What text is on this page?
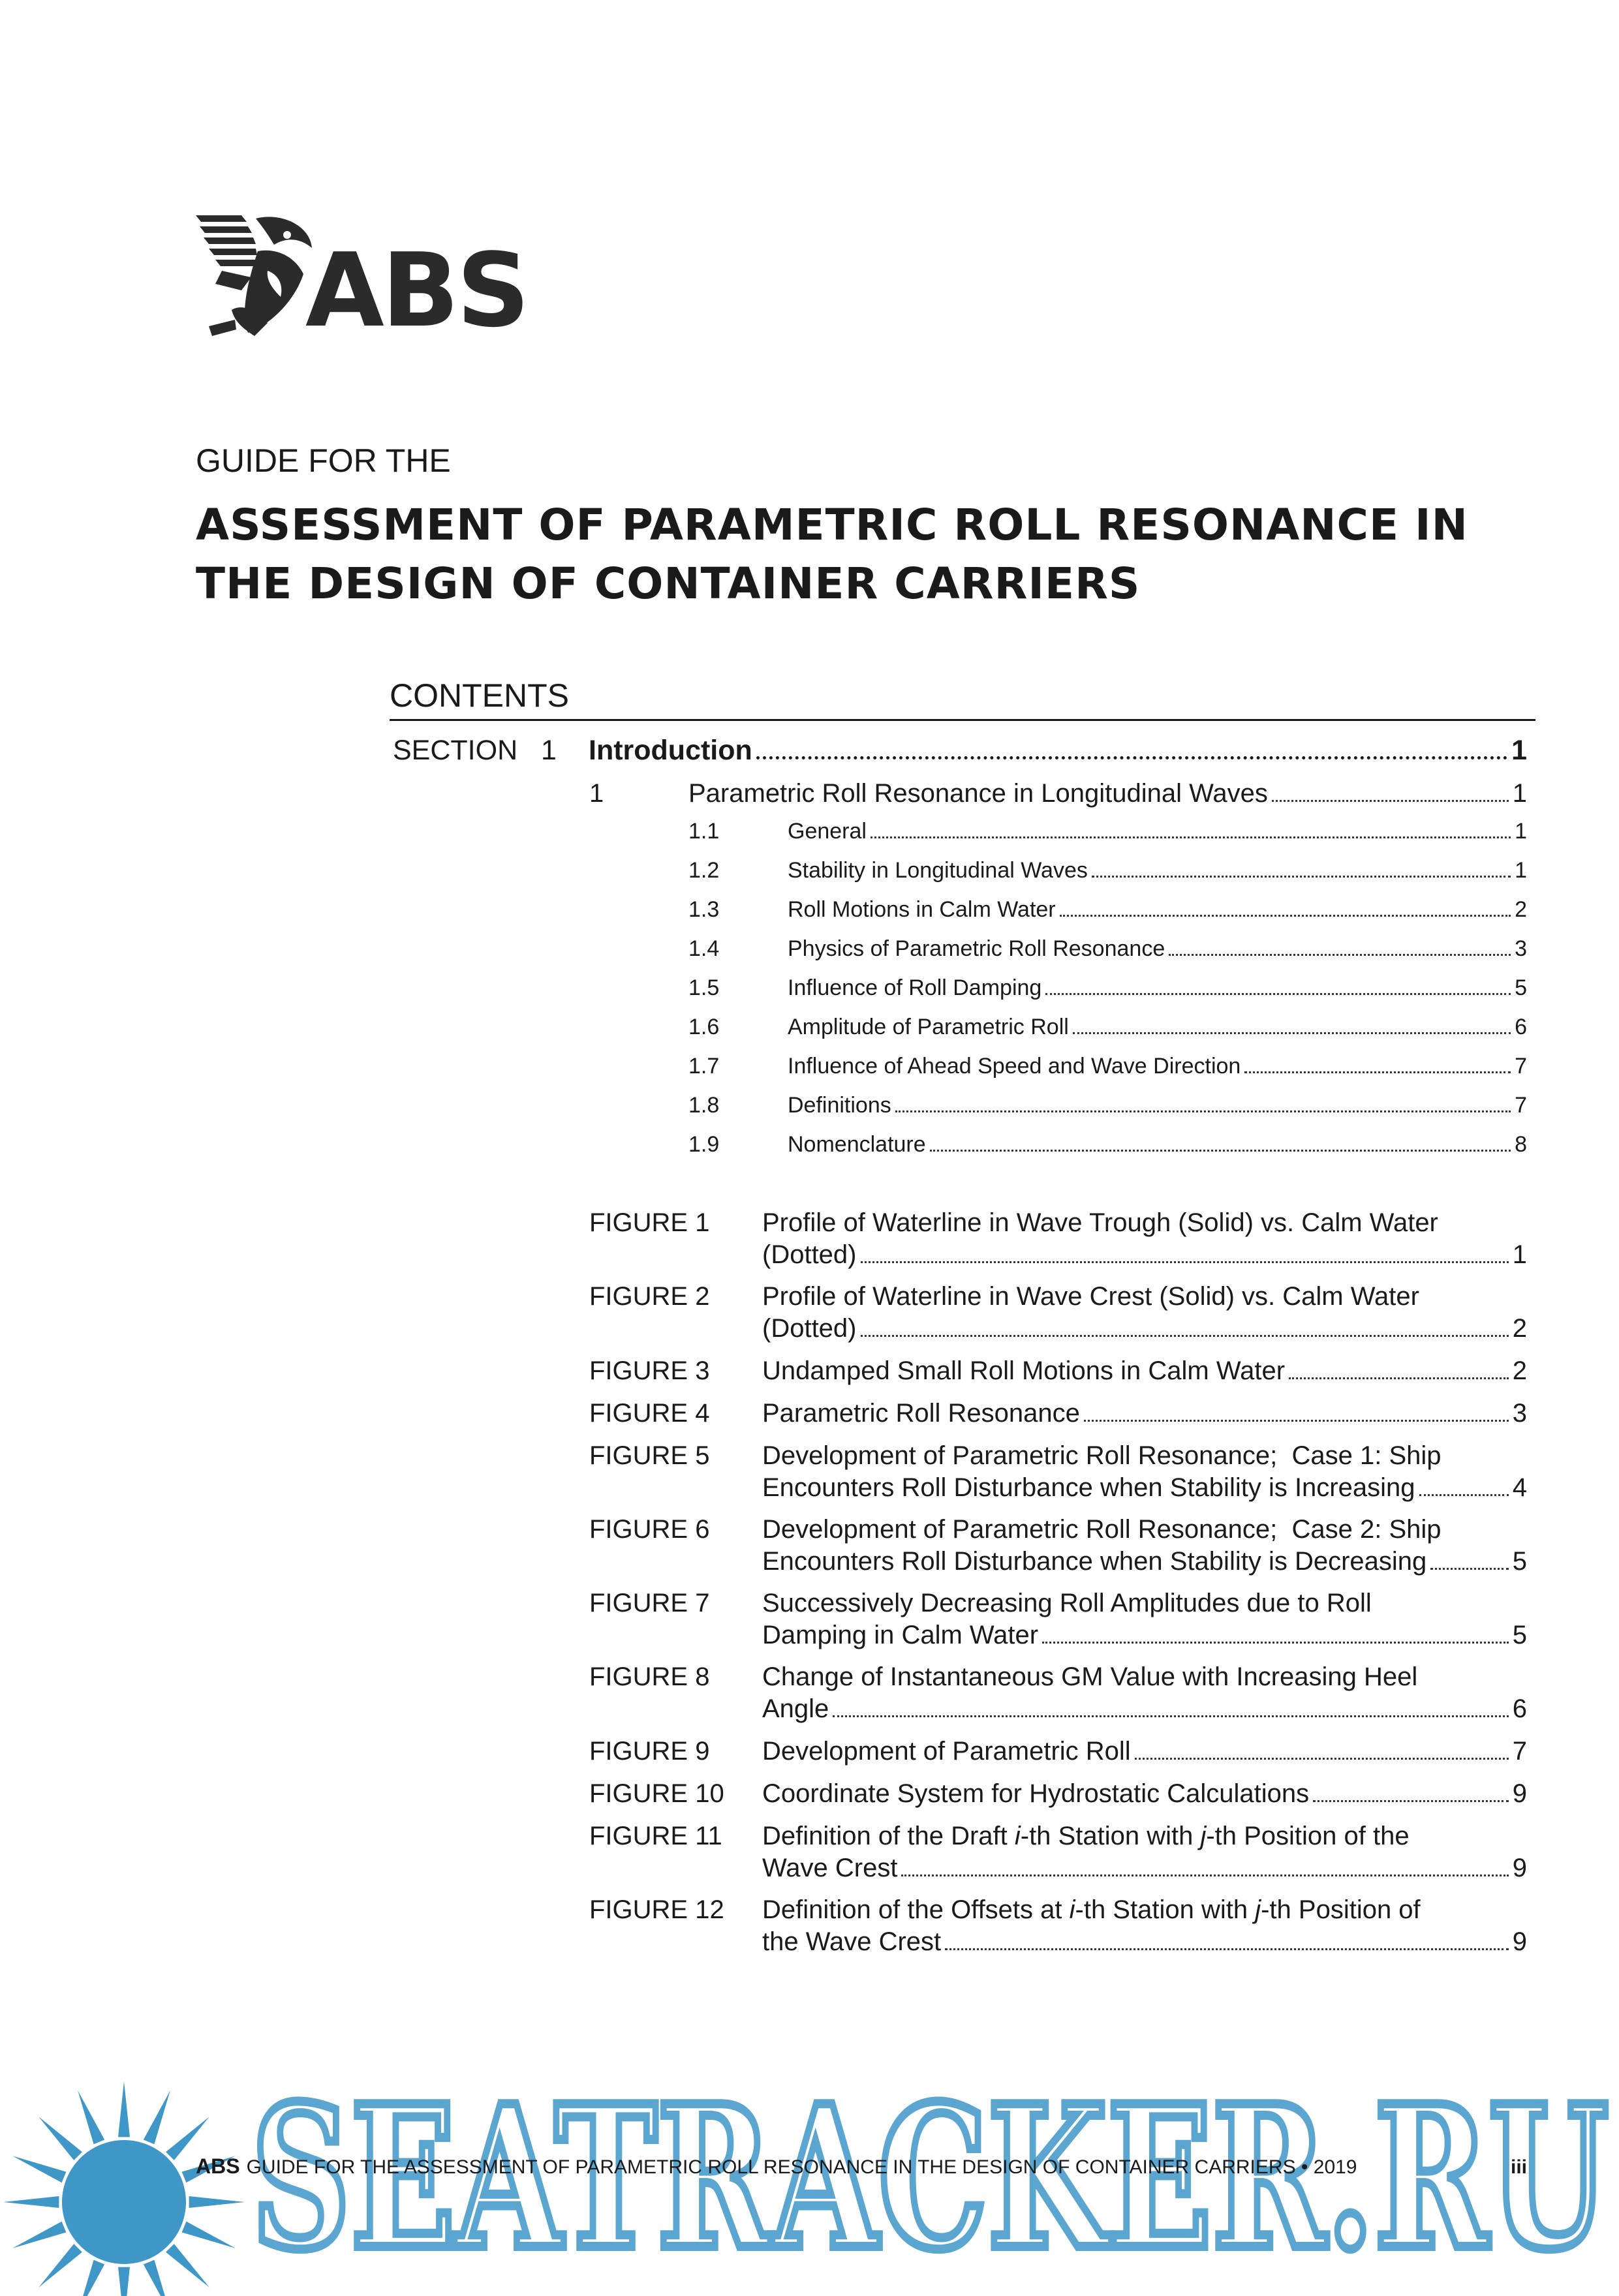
ABS
GUIDE FOR THE
ASSESSMENT OF PARAMETRIC ROLL RESONANCE IN
THE DESIGN OF CONTAINER CARRIERS
CONTENTS
SECTION   1	Introduction	1
1	Parametric Roll Resonance in Longitudinal Waves	1
1.1	General	1
1.2	Stability in Longitudinal Waves	1
1.3	Roll Motions in Calm Water	2
1.4	Physics of Parametric Roll Resonance	3
1.5	Influence of Roll Damping	5
1.6	Amplitude of Parametric Roll	6
1.7	Influence of Ahead Speed and Wave Direction	7
1.8	Definitions	7
1.9	Nomenclature	8
FIGURE 1	Profile of Waterline in Wave Trough (Solid) vs. Calm Water
(Dotted)	1
FIGURE 2	Profile of Waterline in Wave Crest (Solid) vs. Calm Water
(Dotted)	2
FIGURE 3	Undamped Small Roll Motions in Calm Water	2
FIGURE 4	Parametric Roll Resonance	3
FIGURE 5	Development of Parametric Roll Resonance;  Case 1: Ship
Encounters Roll Disturbance when Stability is Increasing	4
FIGURE 6	Development of Parametric Roll Resonance;  Case 2: Ship
Encounters Roll Disturbance when Stability is Decreasing	5
FIGURE 7	Successively Decreasing Roll Amplitudes due to Roll
Damping in Calm Water	5
FIGURE 8	Change of Instantaneous GM Value with Increasing Heel
Angle	6
FIGURE 9	Development of Parametric Roll	7
FIGURE 10	Coordinate System for Hydrostatic Calculations	9
FIGURE 11	Definition of the Draft i-th Station with j-th Position of the
Wave Crest	9
FIGURE 12	Definition of the Offsets at i-th Station with j-th Position of
the Wave Crest	9
SEATRACKER.RU
ABS GUIDE FOR THE ASSESSMENT OF PARAMETRIC ROLL RESONANCE IN THE DESIGN OF CONTAINER CARRIERS • 2019	iii
